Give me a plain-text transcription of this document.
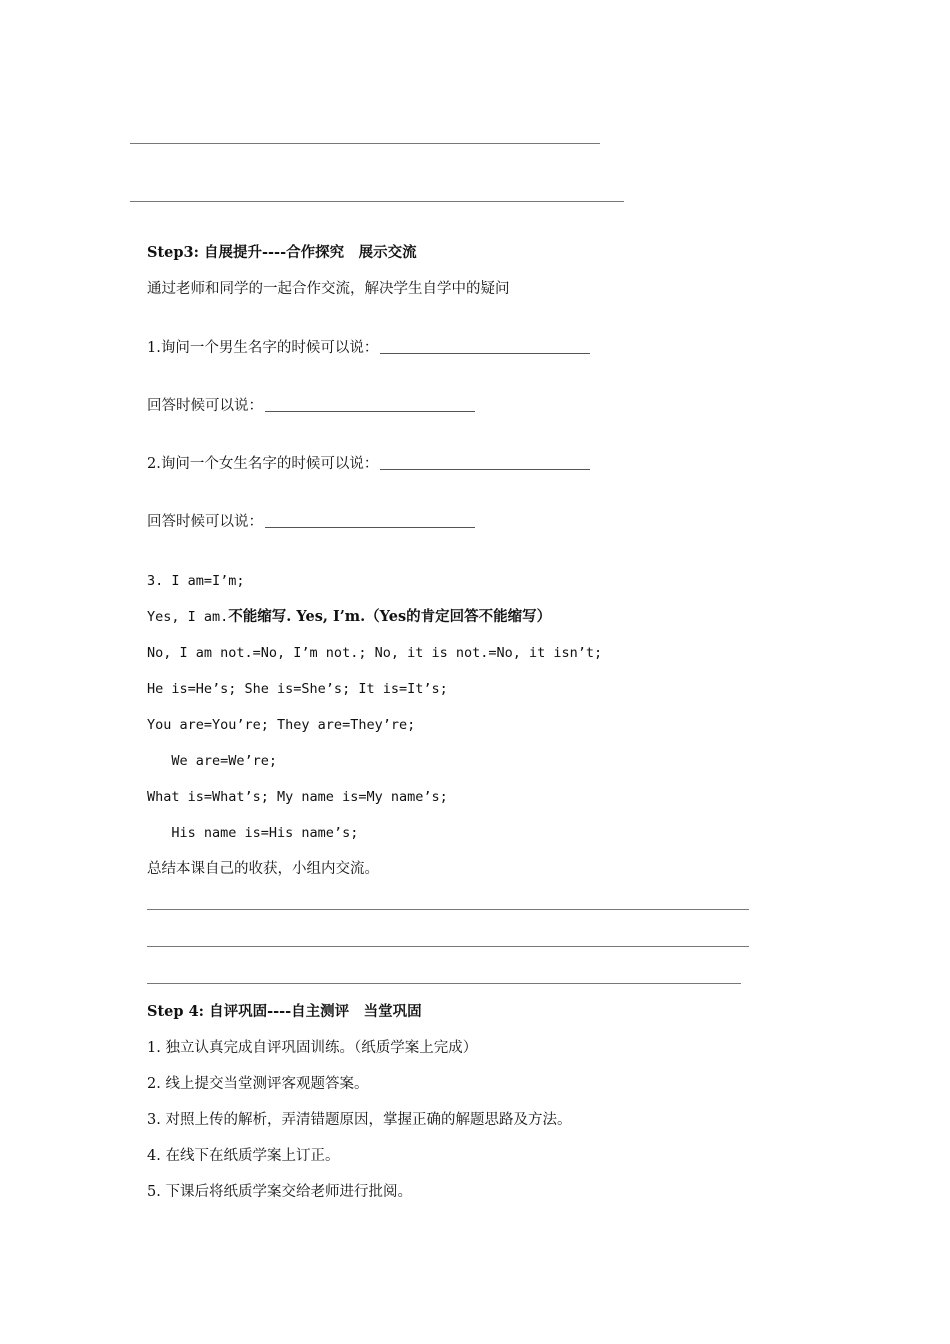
Step3: 自展提升----合作探究　展示交流
通过老师和同学的一起合作交流，解决学生自学中的疑问
1.询问一个男生名字的时候可以说：
回答时候可以说：
2.询问一个女生名字的时候可以说：
回答时候可以说：
3. I am=I’m;
Yes, I am.不能缩写. Yes, I’m.（Yes的肯定回答不能缩写）
No, I am not.=No, I’m not.; No, it is not.=No, it isn’t;
He is=He’s; She is=She’s; It is=It’s;
You are=You’re; They are=They’re;
We are=We’re;
What is=What’s; My name is=My name’s;
His name is=His name’s;
总结本课自己的收获，小组内交流。
Step 4: 自评巩固----自主测评　当堂巩固
1. 独立认真完成自评巩固训练。（纸质学案上完成）
2. 线上提交当堂测评客观题答案。
3. 对照上传的解析，弄清错题原因，掌握正确的解题思路及方法。
4. 在线下在纸质学案上订正。
5. 下课后将纸质学案交给老师进行批阅。
